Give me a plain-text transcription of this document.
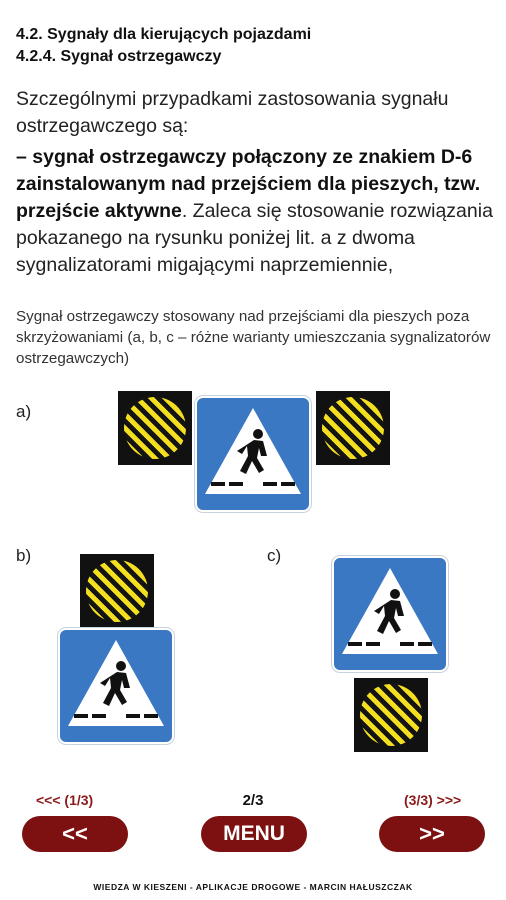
4.2. Sygnały dla kierujących pojazdami
4.2.4. Sygnał ostrzegawczy
Szczególnymi przypadkami zastosowania sygnału ostrzegawczego są:
– sygnał ostrzegawczy połączony ze znakiem D-6 zainstalowanym nad przejściem dla pieszych, tzw. przejście aktywne. Zaleca się stosowanie rozwiązania pokazanego na rysunku poniżej lit. a z dwoma sygnalizatorami migającymi naprzemiennie,
Sygnał ostrzegawczy stosowany nad przejściami dla pieszych poza skrzyżowaniami (a, b, c – różne warianty umieszczania sygnalizatorów ostrzegawczych)
a)
b)	c)
<<< (1/3)	2/3	(3/3) >>>
<<	MENU	>>
WIEDZA W KIESZENI - APLIKACJE DROGOWE - MARCIN HAŁUSZCZAK
